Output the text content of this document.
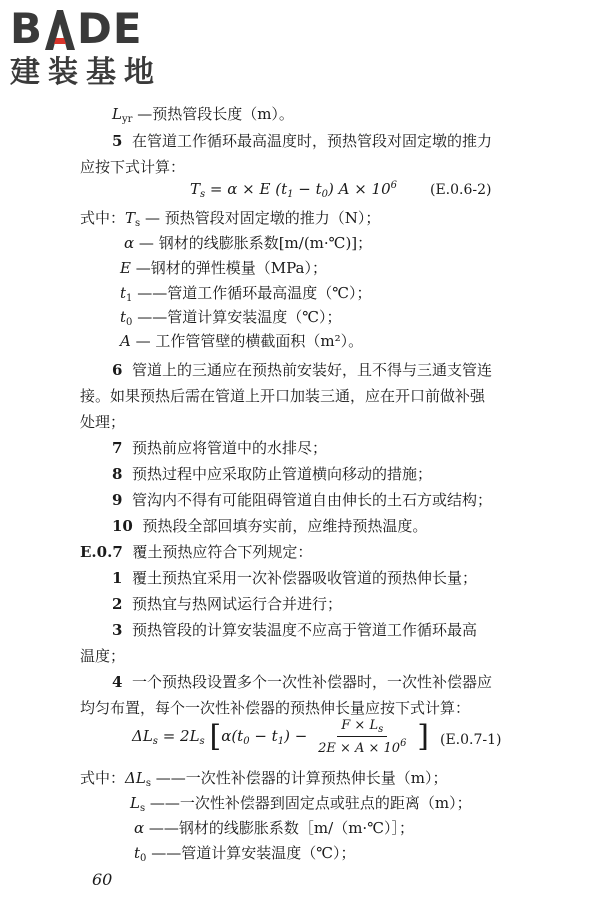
B DE
建装基地
$L_{yr}$ —预热管段长度（m）。
5 在管道工作循环最高温度时，预热管段对固定墩的推力
应按下式计算：
$T_s = \alpha \times E$ $(t_1 - t_0) A \times 10^6$ (E.0.6-2)
式中：$T_s$ — 预热管段对固定墩的推力（N）；
α — 钢材的线膨胀系数[m/(m·℃)]；
E —钢材的弹性模量（MPa）；
$t_1$ ——管道工作循环最高温度（℃）；
$t_0$ ——管道计算安装温度（℃）；
A — 工作管管壁的横截面积（m²）。
6 管道上的三通应在预热前安装好，且不得与三通支管连
接。如果预热后需在管道上开口加装三通，应在开口前做补强
处理；
7 预热前应将管道中的水排尽；
8 预热过程中应采取防止管道横向移动的措施；
9 管沟内不得有可能阻碍管道自由伸长的土石方或结构；
10 预热段全部回填夯实前，应维持预热温度。
E.0.7 覆土预热应符合下列规定：
1 覆土预热宜采用一次补偿器吸收管道的预热伸长量；
2 预热宜与热网试运行合并进行；
3 预热管段的计算安装温度不应高于管道工作循环最高
温度；
4 一个预热段设置多个一次性补偿器时，一次性补偿器应
均匀布置，每个一次性补偿器的预热伸长量应按下式计算：
$\Delta L_s = 2L_s$ [$\alpha(t_0 - t_1) - \frac{F \times L_s}{2E \times A \times 10^6}$ ] (E.0.7-1)
式中：$\Delta L_s$ ——一次性补偿器的计算预热伸长量（m）；
$L_s$ ——一次性补偿器到固定点或驻点的距离（m）；
α ——钢材的线膨胀系数［m/（m·℃）］；
$t_0$ ——管道计算安装温度（℃）；
60
